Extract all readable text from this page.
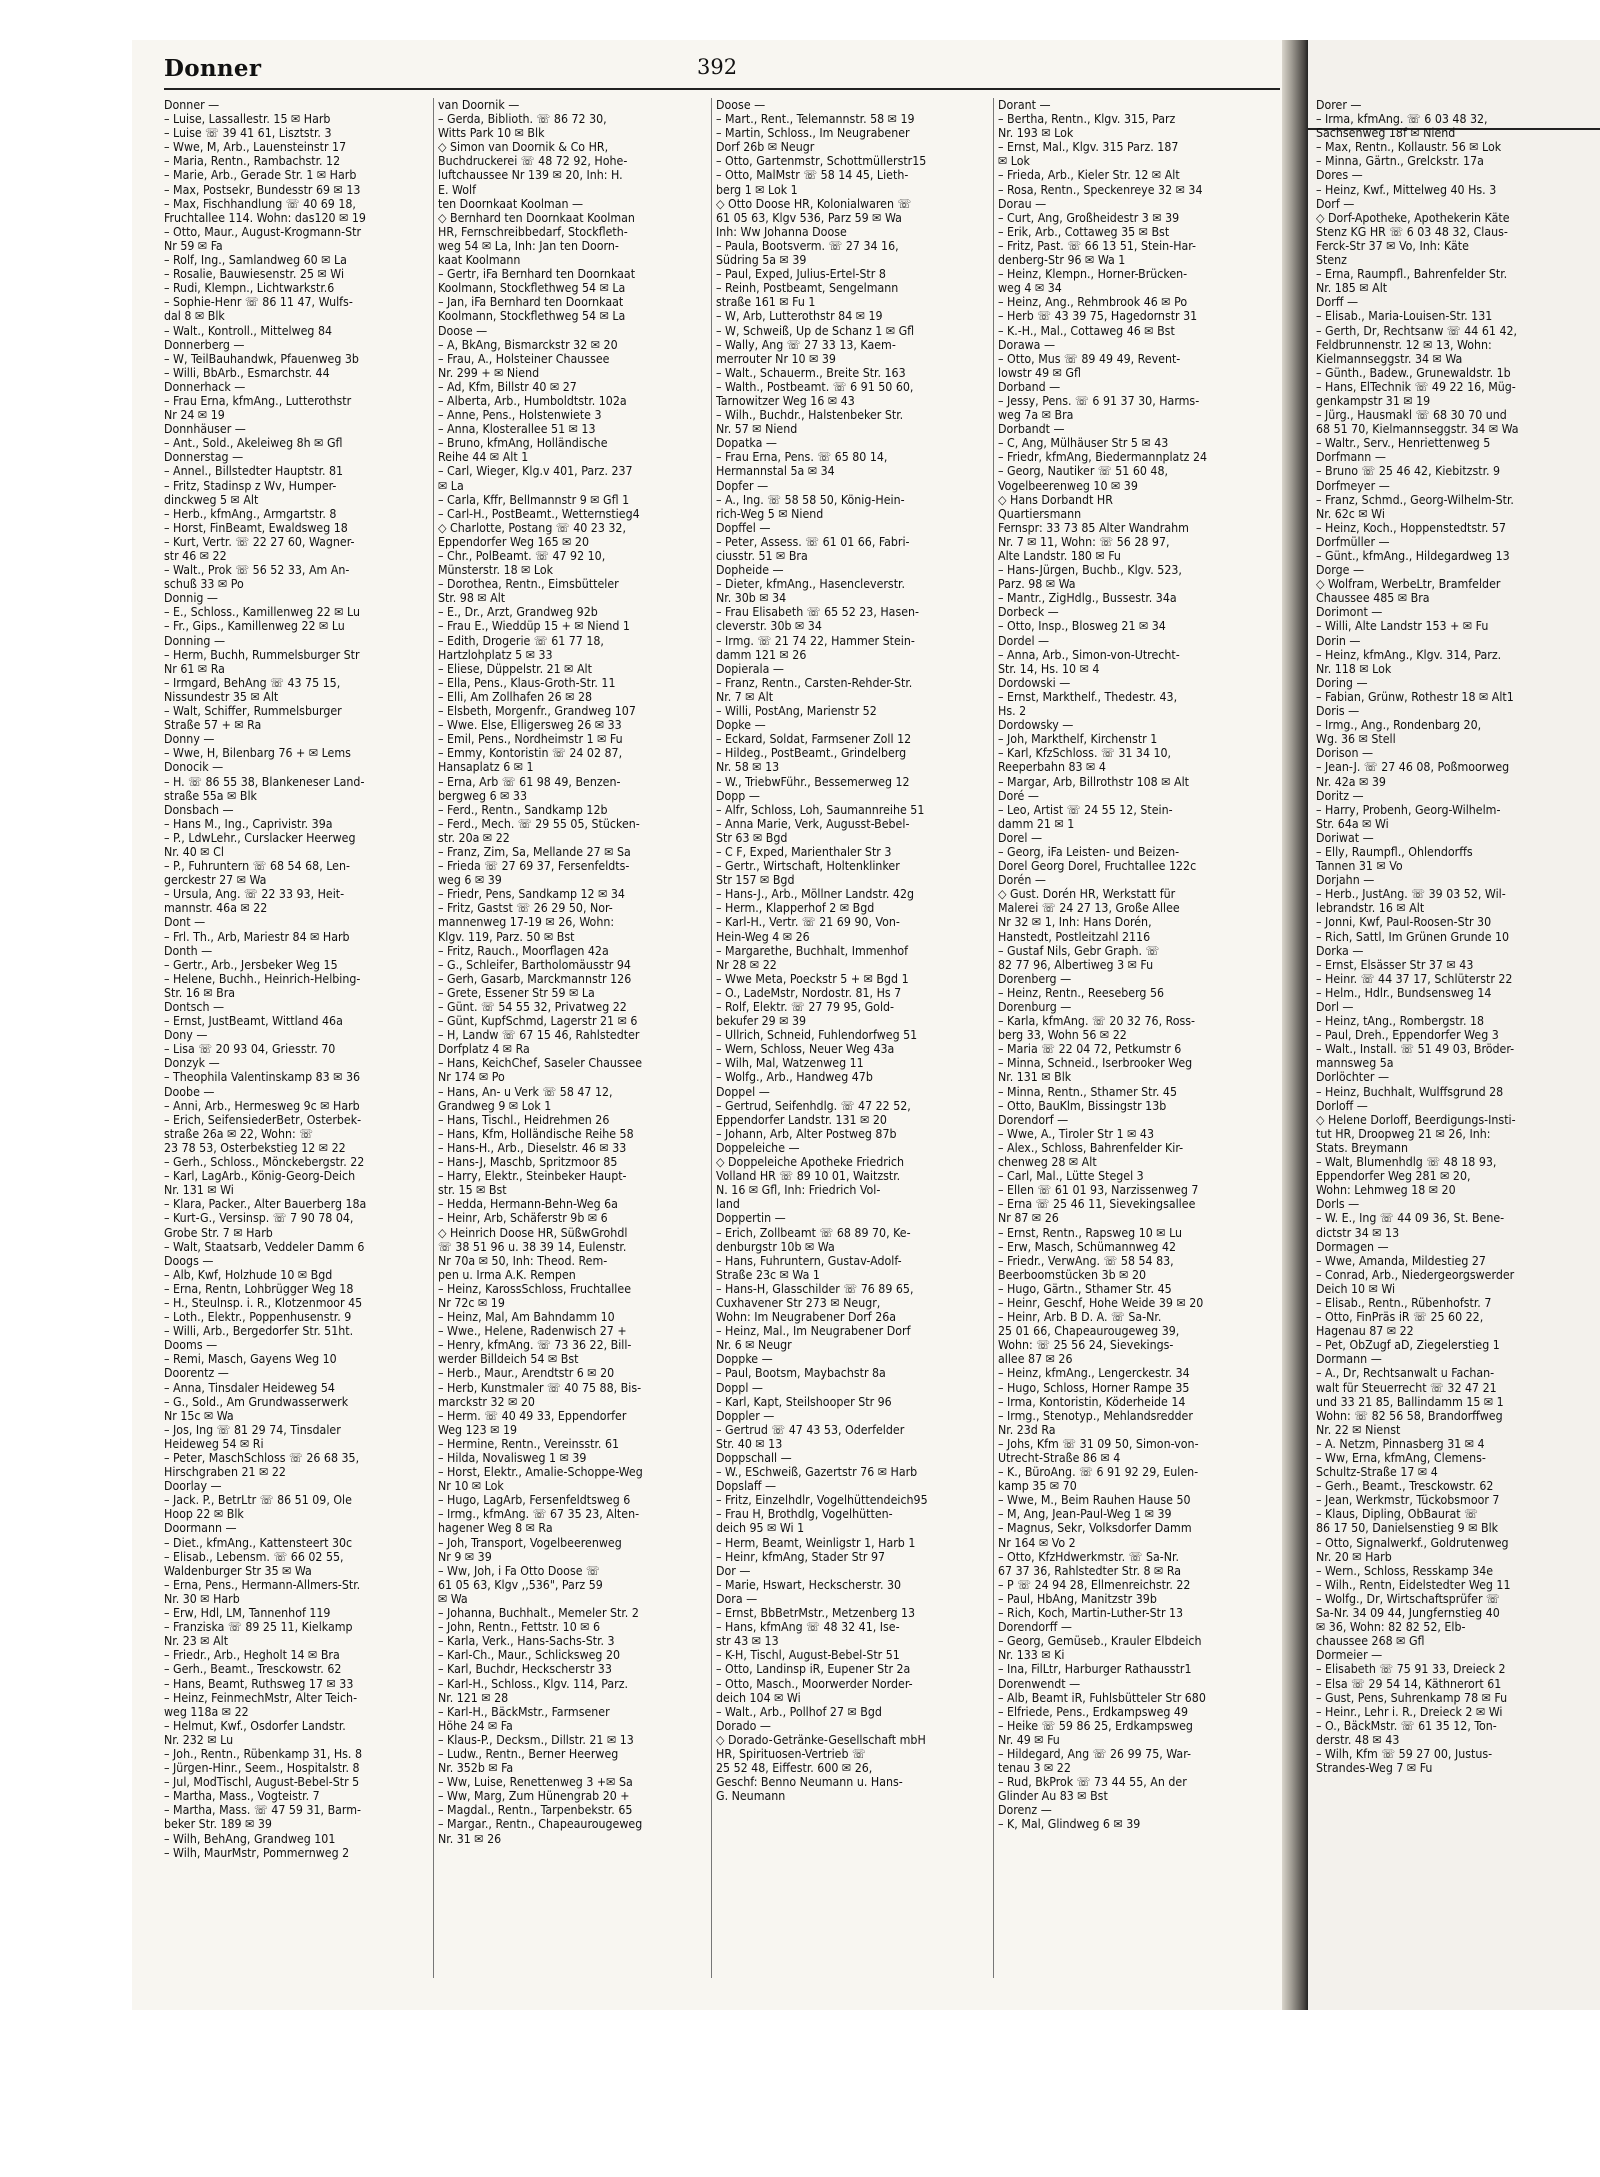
Donner	392
Donner —
– Luise, Lassallestr. 15 ✉ Harb
– Luise ☏ 39 41 61, Lisztstr. 3
– Wwe, M, Arb., Lauensteinstr 17
– Maria, Rentn., Rambachstr. 12
– Marie, Arb., Gerade Str. 1 ✉ Harb
– Max, Postsekr, Bundesstr 69 ✉ 13
– Max, Fischhandlung ☏ 40 69 18,
Fruchtallee 114. Wohn: das120 ✉ 19
– Otto, Maur., August-Krogmann-Str
Nr 59 ✉ Fa
– Rolf, Ing., Samlandweg 60 ✉ La
– Rosalie, Bauwiesenstr. 25 ✉ Wi
– Rudi, Klempn., Lichtwarkstr.6
– Sophie-Henr ☏ 86 11 47, Wulfs-
dal 8 ✉ Blk
– Walt., Kontroll., Mittelweg 84
Donnerberg —
– W, TeilBauhandwk, Pfauenweg 3b
– Willi, BbArb., Esmarchstr. 44
Donnerhack —
– Frau Erna, kfmAng., Lutterothstr
Nr 24 ✉ 19
Donnhäuser —
– Ant., Sold., Akeleiweg 8h ✉ Gfl
Donnerstag —
– Annel., Billstedter Hauptstr. 81
– Fritz, Stadinsp z Wv, Humper-
dinckweg 5 ✉ Alt
– Herb., kfmAng., Armgartstr. 8
– Horst, FinBeamt, Ewaldsweg 18
– Kurt, Vertr. ☏ 22 27 60, Wagner-
str 46 ✉ 22
– Walt., Prok ☏ 56 52 33, Am An-
schuß 33 ✉ Po
Donnig —
– E., Schloss., Kamillenweg 22 ✉ Lu
– Fr., Gips., Kamillenweg 22 ✉ Lu
Donning —
– Herm, Buchh, Rummelsburger Str
Nr 61 ✉ Ra
– Irmgard, BehAng ☏ 43 75 15,
Nissundestr 35 ✉ Alt
– Walt, Schiffer, Rummelsburger
Straße 57 + ✉ Ra
Donny —
– Wwe, H, Bilenbarg 76 + ✉ Lems
Donocik —
– H. ☏ 86 55 38, Blankeneser Land-
straße 55a ✉ Blk
Donsbach —
– Hans M., Ing., Caprivistr. 39a
– P., LdwLehr., Curslacker Heerweg
Nr. 40 ✉ Cl
– P., Fuhruntern ☏ 68 54 68, Len-
gerckestr 27 ✉ Wa
– Ursula, Ang. ☏ 22 33 93, Heit-
mannstr. 46a ✉ 22
Dont —
– Frl. Th., Arb, Mariestr 84 ✉ Harb
Donth —
– Gertr., Arb., Jersbeker Weg 15
– Helene, Buchh., Heinrich-Helbing-
Str. 16 ✉ Bra
Dontsch —
– Ernst, JustBeamt, Wittland 46a
Dony —
– Lisa ☏ 20 93 04, Griesstr. 70
Donzyk —
– Theophila Valentinskamp 83 ✉ 36
Doobe —
– Anni, Arb., Hermesweg 9c ✉ Harb
– Erich, SeifensiederBetr, Osterbek-
straße 26a ✉ 22, Wohn: ☏
23 78 53, Osterbekstieg 12 ✉ 22
– Gerh., Schloss., Mönckebergstr. 22
– Karl, LagArb., König-Georg-Deich
Nr. 131 ✉ Wi
– Klara, Packer., Alter Bauerberg 18a
– Kurt-G., Versinsp. ☏ 7 90 78 04,
Grobe Str. 7 ✉ Harb
– Walt, Staatsarb, Veddeler Damm 6
Doogs —
– Alb, Kwf, Holzhude 10 ✉ Bgd
– Erna, Rentn, Lohbrügger Weg 18
– H., Steulnsp. i. R., Klotzenmoor 45
– Loth., Elektr., Poppenhusenstr. 9
– Willi, Arb., Bergedorfer Str. 51ht.
Dooms —
– Remi, Masch, Gayens Weg 10
Doorentz —
– Anna, Tinsdaler Heideweg 54
– G., Sold., Am Grundwasserwerk
Nr 15c ✉ Wa
– Jos, Ing ☏ 81 29 74, Tinsdaler
Heideweg 54 ✉ Ri
– Peter, MaschSchloss ☏ 26 68 35,
Hirschgraben 21 ✉ 22
Doorlay —
– Jack. P., BetrLtr ☏ 86 51 09, Ole
Hoop 22 ✉ Blk
Doormann —
– Diet., kfmAng., Kattensteert 30c
– Elisab., Lebensm. ☏ 66 02 55,
Waldenburger Str 35 ✉ Wa
– Erna, Pens., Hermann-Allmers-Str.
Nr. 30 ✉ Harb
– Erw, Hdl, LM, Tannenhof 119
– Franziska ☏ 89 25 11, Kielkamp
Nr. 23 ✉ Alt
– Friedr., Arb., Hegholt 14 ✉ Bra
– Gerh., Beamt., Tresckowstr. 62
– Hans, Beamt, Ruthsweg 17 ✉ 33
– Heinz, FeinmechMstr, Alter Teich-
weg 118a ✉ 22
– Helmut, Kwf., Osdorfer Landstr.
Nr. 232 ✉ Lu
– Joh., Rentn., Rübenkamp 31, Hs. 8
– Jürgen-Hinr., Seem., Hospitalstr. 8
– Jul, ModTischl, August-Bebel-Str 5
– Martha, Mass., Vogteistr. 7
– Martha, Mass. ☏ 47 59 31, Barm-
beker Str. 189 ✉ 39
– Wilh, BehAng, Grandweg 101
– Wilh, MaurMstr, Pommernweg 2
van Doornik —
– Gerda, Biblioth. ☏ 86 72 30,
Witts Park 10 ✉ Blk
◇ Simon van Doornik & Co HR,
Buchdruckerei ☏ 48 72 92, Hohe-
luftchaussee Nr 139 ✉ 20, Inh: H.
E. Wolf
ten Doornkaat Koolman —
◇ Bernhard ten Doornkaat Koolman
HR, Fernschreibbedarf, Stockfleth-
weg 54 ✉ La, Inh: Jan ten Doorn-
kaat Koolmann
– Gertr, iFa Bernhard ten Doornkaat
Koolmann, Stockflethweg 54 ✉ La
– Jan, iFa Bernhard ten Doornkaat
Koolmann, Stockflethweg 54 ✉ La
Doose —
– A, BkAng, Bismarckstr 32 ✉ 20
– Frau, A., Holsteiner Chaussee
Nr. 299 + ✉ Niend
– Ad, Kfm, Billstr 40 ✉ 27
– Alberta, Arb., Humboldtstr. 102a
– Anne, Pens., Holstenwiete 3
– Anna, Klosterallee 51 ✉ 13
– Bruno, kfmAng, Holländische
Reihe 44 ✉ Alt 1
– Carl, Wieger, Klg.v 401, Parz. 237
✉ La
– Carla, Kffr, Bellmannstr 9 ✉ Gfl 1
– Carl-H., PostBeamt., Wetternstieg4
◇ Charlotte, Postang ☏ 40 23 32,
Eppendorfer Weg 165 ✉ 20
– Chr., PolBeamt. ☏ 47 92 10,
Münsterstr. 18 ✉ Lok
– Dorothea, Rentn., Eimsbütteler
Str. 98 ✉ Alt
– E., Dr., Arzt, Grandweg 92b
– Frau E., Wieddüp 15 + ✉ Niend 1
– Edith, Drogerie ☏ 61 77 18,
Hartzlohplatz 5 ✉ 33
– Eliese, Düppelstr. 21 ✉ Alt
– Ella, Pens., Klaus-Groth-Str. 11
– Elli, Am Zollhafen 26 ✉ 28
– Elsbeth, Morgenfr., Grandweg 107
– Wwe. Else, Elligersweg 26 ✉ 33
– Emil, Pens., Nordheimstr 1 ✉ Fu
– Emmy, Kontoristin ☏ 24 02 87,
Hansaplatz 6 ✉ 1
– Erna, Arb ☏ 61 98 49, Benzen-
bergweg 6 ✉ 33
– Ferd., Rentn., Sandkamp 12b
– Ferd., Mech. ☏ 29 55 05, Stücken-
str. 20a ✉ 22
– Franz, Zim, Sa, Mellande 27 ✉ Sa
– Frieda ☏ 27 69 37, Fersenfeldts-
weg 6 ✉ 39
– Friedr, Pens, Sandkamp 12 ✉ 34
– Fritz, Gastst ☏ 26 29 50, Nor-
mannenweg 17-19 ✉ 26, Wohn:
Klgv. 119, Parz. 50 ✉ Bst
– Fritz, Rauch., Moorflagen 42a
– G., Schleifer, Bartholomäusstr 94
– Gerh, Gasarb, Marckmannstr 126
– Grete, Essener Str 59 ✉ La
– Günt. ☏ 54 55 32, Privatweg 22
– Günt, KupfSchmd, Lagerstr 21 ✉ 6
– H, Landw ☏ 67 15 46, Rahlstedter
Dorfplatz 4 ✉ Ra
– Hans, KeichChef, Saseler Chaussee
Nr 174 ✉ Po
– Hans, An- u Verk ☏ 58 47 12,
Grandweg 9 ✉ Lok 1
– Hans, Tischl., Heidrehmen 26
– Hans, Kfm, Holländische Reihe 58
– Hans-H., Arb., Dieselstr. 46 ✉ 33
– Hans-J, Maschb, Spritzmoor 85
– Harry, Elektr., Steinbeker Haupt-
str. 15 ✉ Bst
– Hedda, Hermann-Behn-Weg 6a
– Heinr, Arb, Schäferstr 9b ✉ 6
◇ Heinrich Doose HR, SüßwGrohdl
☏ 38 51 96 u. 38 39 14, Eulenstr.
Nr 70a ✉ 50, Inh: Theod. Rem-
pen u. Irma A.K. Rempen
– Heinz, KarossSchloss, Fruchtallee
Nr 72c ✉ 19
– Heinz, Mal, Am Bahndamm 10
– Wwe., Helene, Radenwisch 27 +
– Henry, kfmAng. ☏ 73 36 22, Bill-
werder Billdeich 54 ✉ Bst
– Herb., Maur., Arendtstr 6 ✉ 20
– Herb, Kunstmaler ☏ 40 75 88, Bis-
marckstr 32 ✉ 20
– Herm. ☏ 40 49 33, Eppendorfer
Weg 123 ✉ 19
– Hermine, Rentn., Vereinsstr. 61
– Hilda, Novalisweg 1 ✉ 39
– Horst, Elektr., Amalie-Schoppe-Weg
Nr 10 ✉ Lok
– Hugo, LagArb, Fersenfeldtsweg 6
– Irmg., kfmAng. ☏ 67 35 23, Alten-
hagener Weg 8 ✉ Ra
– Joh, Transport, Vogelbeerenweg
Nr 9 ✉ 39
– Ww, Joh, i Fa Otto Doose ☏
61 05 63, Klgv ,,536", Parz 59
✉ Wa
– Johanna, Buchhalt., Memeler Str. 2
– John, Rentn., Fettstr. 10 ✉ 6
– Karla, Verk., Hans-Sachs-Str. 3
– Karl-Ch., Maur., Schlicksweg 20
– Karl, Buchdr, Heckscherstr 33
– Karl-H., Schloss., Klgv. 114, Parz.
Nr. 121 ✉ 28
– Karl-H., BäckMstr., Farmsener
Höhe 24 ✉ Fa
– Klaus-P., Decksm., Dillstr. 21 ✉ 13
– Ludw., Rentn., Berner Heerweg
Nr. 352b ✉ Fa
– Ww, Luise, Renettenweg 3 +✉ Sa
– Ww, Marg, Zum Hünengrab 20 +
– Magdal., Rentn., Tarpenbekstr. 65
– Margar., Rentn., Chapeaurougeweg
Nr. 31 ✉ 26
Doose —
– Mart., Rent., Telemannstr. 58 ✉ 19
– Martin, Schloss., Im Neugrabener
Dorf 26b ✉ Neugr
– Otto, Gartenmstr, Schottmüllerstr15
– Otto, MalMstr ☏ 58 14 45, Lieth-
berg 1 ✉ Lok 1
◇ Otto Doose HR, Kolonialwaren ☏
61 05 63, Klgv 536, Parz 59 ✉ Wa
Inh: Ww Johanna Doose
– Paula, Bootsverm. ☏ 27 34 16,
Südring 5a ✉ 39
– Paul, Exped, Julius-Ertel-Str 8
– Reinh, Postbeamt, Sengelmann
straße 161 ✉ Fu 1
– W, Arb, Lutterothstr 84 ✉ 19
– W, Schweiß, Up de Schanz 1 ✉ Gfl
– Wally, Ang ☏ 27 33 13, Kaem-
merrouter Nr 10 ✉ 39
– Walt., Schauerm., Breite Str. 163
– Walth., Postbeamt. ☏ 6 91 50 60,
Tarnowitzer Weg 16 ✉ 43
– Wilh., Buchdr., Halstenbeker Str.
Nr. 57 ✉ Niend
Dopatka —
– Frau Erna, Pens. ☏ 65 80 14,
Hermannstal 5a ✉ 34
Dopfer —
– A., Ing. ☏ 58 58 50, König-Hein-
rich-Weg 5 ✉ Niend
Dopffel —
– Peter, Assess. ☏ 61 01 66, Fabri-
ciusstr. 51 ✉ Bra
Dopheide —
– Dieter, kfmAng., Hasencleverstr.
Nr. 30b ✉ 34
– Frau Elisabeth ☏ 65 52 23, Hasen-
cleverstr. 30b ✉ 34
– Irmg. ☏ 21 74 22, Hammer Stein-
damm 121 ✉ 26
Dopierala —
– Franz, Rentn., Carsten-Rehder-Str.
Nr. 7 ✉ Alt
– Willi, PostAng, Marienstr 52
Dopke —
– Eckard, Soldat, Farmsener Zoll 12
– Hildeg., PostBeamt., Grindelberg
Nr. 58 ✉ 13
– W., TriebwFühr., Bessemerweg 12
Dopp —
– Alfr, Schloss, Loh, Saumannreihe 51
– Anna Marie, Verk, Augusst-Bebel-
Str 63 ✉ Bgd
– C F, Exped, Marienthaler Str 3
– Gertr., Wirtschaft, Holtenklinker
Str 157 ✉ Bgd
– Hans-J., Arb., Möllner Landstr. 42g
– Herm., Klapperhof 2 ✉ Bgd
– Karl-H., Vertr. ☏ 21 69 90, Von-
Hein-Weg 4 ✉ 26
– Margarethe, Buchhalt, Immenhof
Nr 28 ✉ 22
– Wwe Meta, Poeckstr 5 + ✉ Bgd 1
– O., LadeMstr, Nordostr. 81, Hs 7
– Rolf, Elektr. ☏ 27 79 95, Gold-
bekufer 29 ✉ 39
– Ullrich, Schneid, Fuhlendorfweg 51
– Wern, Schloss, Neuer Weg 43a
– Wilh, Mal, Watzenweg 11
– Wolfg., Arb., Handweg 47b
Doppel —
– Gertrud, Seifenhdlg. ☏ 47 22 52,
Eppendorfer Landstr. 131 ✉ 20
– Johann, Arb, Alter Postweg 87b
Doppeleiche —
◇ Doppeleiche Apotheke Friedrich
Volland HR ☏ 89 10 01, Waitzstr.
N. 16 ✉ Gfl, Inh: Friedrich Vol-
land
Doppertin —
– Erich, Zollbeamt ☏ 68 89 70, Ke-
denburgstr 10b ✉ Wa
– Hans, Fuhruntern, Gustav-Adolf-
Straße 23c ✉ Wa 1
– Hans-H, Glasschilder ☏ 76 89 65,
Cuxhavener Str 273 ✉ Neugr,
Wohn: Im Neugrabener Dorf 26a
– Heinz, Mal., Im Neugrabener Dorf
Nr. 6 ✉ Neugr
Doppke —
– Paul, Bootsm, Maybachstr 8a
Doppl —
– Karl, Kapt, Steilshooper Str 96
Doppler —
– Gertrud ☏ 47 43 53, Oderfelder
Str. 40 ✉ 13
Doppschall —
– W., ESchweiß, Gazertstr 76 ✉ Harb
Dopslaff —
– Fritz, Einzelhdlr, Vogelhüttendeich95
– Frau H, Brothdlg, Vogelhütten-
deich 95 ✉ Wi 1
– Herm, Beamt, Weinligstr 1, Harb 1
– Heinr, kfmAng, Stader Str 97
Dor —
– Marie, Hswart, Heckscherstr. 30
Dora —
– Ernst, BbBetrMstr., Metzenberg 13
– Hans, kfmAng ☏ 48 32 41, Ise-
str 43 ✉ 13
– K-H, Tischl, August-Bebel-Str 51
– Otto, Landinsp iR, Eupener Str 2a
– Otto, Masch., Moorwerder Norder-
deich 104 ✉ Wi
– Walt., Arb., Pollhof 27 ✉ Bgd
Dorado —
◇ Dorado-Getränke-Gesellschaft mbH
HR, Spirituosen-Vertrieb ☏
25 52 48, Eiffestr. 600 ✉ 26,
Geschf: Benno Neumann u. Hans-
G. Neumann
Dorant —
– Bertha, Rentn., Klgv. 315, Parz
Nr. 193 ✉ Lok
– Ernst, Mal., Klgv. 315 Parz. 187
✉ Lok
– Frieda, Arb., Kieler Str. 12 ✉ Alt
– Rosa, Rentn., Speckenreye 32 ✉ 34
Dorau —
– Curt, Ang, Großheidestr 3 ✉ 39
– Erik, Arb., Cottaweg 35 ✉ Bst
– Fritz, Past. ☏ 66 13 51, Stein-Har-
denberg-Str 96 ✉ Wa 1
– Heinz, Klempn., Horner-Brücken-
weg 4 ✉ 34
– Heinz, Ang., Rehmbrook 46 ✉ Po
– Herb ☏ 43 39 75, Hagedornstr 31
– K.-H., Mal., Cottaweg 46 ✉ Bst
Dorawa —
– Otto, Mus ☏ 89 49 49, Revent-
lowstr 49 ✉ Gfl
Dorband —
– Jessy, Pens. ☏ 6 91 37 30, Harms-
weg 7a ✉ Bra
Dorbandt —
– C, Ang, Mülhäuser Str 5 ✉ 43
– Friedr, kfmAng, Biedermannplatz 24
– Georg, Nautiker ☏ 51 60 48,
Vogelbeerenweg 10 ✉ 39
◇ Hans Dorbandt HR
Quartiersmann
Fernspr: 33 73 85 Alter Wandrahm
Nr. 7 ✉ 11, Wohn: ☏ 56 28 97,
Alte Landstr. 180 ✉ Fu
– Hans-Jürgen, Buchb., Klgv. 523,
Parz. 98 ✉ Wa
– Mantr., ZigHdlg., Bussestr. 34a
Dorbeck —
– Otto, Insp., Blosweg 21 ✉ 34
Dordel —
– Anna, Arb., Simon-von-Utrecht-
Str. 14, Hs. 10 ✉ 4
Dordowski —
– Ernst, Markthelf., Thedestr. 43,
Hs. 2
Dordowsky —
– Joh, Markthelf, Kirchenstr 1
– Karl, KfzSchloss. ☏ 31 34 10,
Reeperbahn 83 ✉ 4
– Margar, Arb, Billrothstr 108 ✉ Alt
Doré —
– Leo, Artist ☏ 24 55 12, Stein-
damm 21 ✉ 1
Dorel —
– Georg, iFa Leisten- und Beizen-
Dorel Georg Dorel, Fruchtallee 122c
Dorén —
◇ Gust. Dorén HR, Werkstatt für
Malerei ☏ 24 27 13, Große Allee
Nr 32 ✉ 1, Inh: Hans Dorén,
Hanstedt, Postleitzahl 2116
– Gustaf Nils, Gebr Graph. ☏
82 77 96, Albertiweg 3 ✉ Fu
Dorenberg —
– Heinz, Rentn., Reeseberg 56
Dorenburg —
– Karla, kfmAng. ☏ 20 32 76, Ross-
berg 33, Wohn 56 ✉ 22
– Maria ☏ 22 04 72, Petkumstr 6
– Minna, Schneid., Iserbrooker Weg
Nr. 131 ✉ Blk
– Minna, Rentn., Sthamer Str. 45
– Otto, BauKlm, Bissingstr 13b
Dorendorf —
– Wwe, A., Tiroler Str 1 ✉ 43
– Alex., Schloss, Bahrenfelder Kir-
chenweg 28 ✉ Alt
– Carl, Mal., Lütte Stegel 3
– Ellen ☏ 61 01 93, Narzissenweg 7
– Erna ☏ 25 46 11, Sievekingsallee
Nr 87 ✉ 26
– Ernst, Rentn., Rapsweg 10 ✉ Lu
– Erw, Masch, Schümannweg 42
– Friedr., VerwAng. ☏ 58 54 83,
Beerboomstücken 3b ✉ 20
– Hugo, Gärtn., Sthamer Str. 45
– Heinr, Geschf, Hohe Weide 39 ✉ 20
– Heinr, Arb. B D. A. ☏ Sa-Nr.
25 01 66, Chapeaurougeweg 39,
Wohn: ☏ 25 56 24, Sievekings-
allee 87 ✉ 26
– Heinz, kfmAng., Lengerckestr. 34
– Hugo, Schloss, Horner Rampe 35
– Irma, Kontoristin, Köderheide 14
– Irmg., Stenotyp., Mehlandsredder
Nr. 23d Ra
– Johs, Kfm ☏ 31 09 50, Simon-von-
Utrecht-Straße 86 ✉ 4
– K., BüroAng. ☏ 6 91 92 29, Eulen-
kamp 35 ✉ 70
– Wwe, M., Beim Rauhen Hause 50
– M, Ang, Jean-Paul-Weg 1 ✉ 39
– Magnus, Sekr, Volksdorfer Damm
Nr 164 ✉ Vo 2
– Otto, KfzHdwerkmstr. ☏ Sa-Nr.
67 37 36, Rahlstedter Str. 8 ✉ Ra
– P ☏ 24 94 28, Ellmenreichstr. 22
– Paul, HbAng, Manitzstr 39b
– Rich, Koch, Martin-Luther-Str 13
Dorendorff —
– Georg, Gemüseb., Krauler Elbdeich
Nr. 133 ✉ Ki
– Ina, FilLtr, Harburger Rathausstr1
Dorenwendt —
– Alb, Beamt iR, Fuhlsbütteler Str 680
– Elfriede, Pens., Erdkampsweg 49
– Heike ☏ 59 86 25, Erdkampsweg
Nr. 49 ✉ Fu
– Hildegard, Ang ☏ 26 99 75, War-
tenau 3 ✉ 22
– Rud, BkProk ☏ 73 44 55, An der
Glinder Au 83 ✉ Bst
Dorenz —
– K, Mal, Glindweg 6 ✉ 39
Dorer —
– Irma, kfmAng. ☏ 6 03 48 32,
Sachsenweg 18f ✉ Niend
– Max, Rentn., Kollaustr. 56 ✉ Lok
– Minna, Gärtn., Grelckstr. 17a
Dores —
– Heinz, Kwf., Mittelweg 40 Hs. 3
Dorf —
◇ Dorf-Apotheke, Apothekerin Käte
Stenz KG HR ☏ 6 03 48 32, Claus-
Ferck-Str 37 ✉ Vo, Inh: Käte
Stenz
– Erna, Raumpfl., Bahrenfelder Str.
Nr. 185 ✉ Alt
Dorff —
– Elisab., Maria-Louisen-Str. 131
– Gerth, Dr, Rechtsanw ☏ 44 61 42,
Feldbrunnenstr. 12 ✉ 13, Wohn:
Kielmannseggstr. 34 ✉ Wa
– Günth., Badew., Grunewaldstr. 1b
– Hans, ElTechnik ☏ 49 22 16, Müg-
genkampstr 31 ✉ 19
– Jürg., Hausmakl ☏ 68 30 70 und
68 51 70, Kielmannseggstr. 34 ✉ Wa
– Waltr., Serv., Henriettenweg 5
Dorfmann —
– Bruno ☏ 25 46 42, Kiebitzstr. 9
Dorfmeyer —
– Franz, Schmd., Georg-Wilhelm-Str.
Nr. 62c ✉ Wi
– Heinz, Koch., Hoppenstedtstr. 57
Dorfmüller —
– Günt., kfmAng., Hildegardweg 13
Dorge —
◇ Wolfram, WerbeLtr, Bramfelder
Chaussee 485 ✉ Bra
Dorimont —
– Willi, Alte Landstr 153 + ✉ Fu
Dorin —
– Heinz, kfmAng., Klgv. 314, Parz.
Nr. 118 ✉ Lok
Doring —
– Fabian, Grünw, Rothestr 18 ✉ Alt1
Doris —
– Irmg., Ang., Rondenbarg 20,
Wg. 36 ✉ Stell
Dorison —
– Jean-J. ☏ 27 46 08, Poßmoorweg
Nr. 42a ✉ 39
Doritz —
– Harry, Probenh, Georg-Wilhelm-
Str. 64a ✉ Wi
Doriwat —
– Elly, Raumpfl., Ohlendorffs
Tannen 31 ✉ Vo
Dorjahn —
– Herb., JustAng. ☏ 39 03 52, Wil-
lebrandstr. 16 ✉ Alt
– Jonni, Kwf, Paul-Roosen-Str 30
– Rich, Sattl, Im Grünen Grunde 10
Dorka —
– Ernst, Elsässer Str 37 ✉ 43
– Heinr. ☏ 44 37 17, Schlüterstr 22
– Helm., Hdlr., Bundsensweg 14
Dorl —
– Heinz, tAng., Rombergstr. 18
– Paul, Dreh., Eppendorfer Weg 3
– Walt., Install. ☏ 51 49 03, Bröder-
mannsweg 5a
Dorlöchter —
– Heinz, Buchhalt, Wulffsgrund 28
Dorloff —
◇ Helene Dorloff, Beerdigungs-Insti-
tut HR, Droopweg 21 ✉ 26, Inh:
Stats. Breymann
– Walt, Blumenhdlg ☏ 48 18 93,
Eppendorfer Weg 281 ✉ 20,
Wohn: Lehmweg 18 ✉ 20
Dorls —
– W. E., Ing ☏ 44 09 36, St. Bene-
dictstr 34 ✉ 13
Dormagen —
– Wwe, Amanda, Mildestieg 27
– Conrad, Arb., Niedergeorgswerder
Deich 10 ✉ Wi
– Elisab., Rentn., Rübenhofstr. 7
– Otto, FinPräs iR ☏ 25 60 22,
Hagenau 87 ✉ 22
– Pet, ObZugf aD, Ziegelerstieg 1
Dormann —
– A., Dr, Rechtsanwalt u Fachan-
walt für Steuerrecht ☏ 32 47 21
und 33 21 85, Ballindamm 15 ✉ 1
Wohn: ☏ 82 56 58, Brandorffweg
Nr. 22 ✉ Nienst
– A. Netzm, Pinnasberg 31 ✉ 4
– Ww, Erna, kfmAng, Clemens-
Schultz-Straße 17 ✉ 4
– Gerh., Beamt., Tresckowstr. 62
– Jean, Werkmstr, Tückobsmoor 7
– Klaus, Dipling, ObBaurat ☏
86 17 50, Danielsenstieg 9 ✉ Blk
– Otto, Signalwerkf., Goldrutenweg
Nr. 20 ✉ Harb
– Wern., Schloss, Resskamp 34e
– Wilh., Rentn, Eidelstedter Weg 11
– Wolfg., Dr, Wirtschaftsprüfer ☏
Sa-Nr. 34 09 44, Jungfernstieg 40
✉ 36, Wohn: 82 82 52, Elb-
chaussee 268 ✉ Gfl
Dormeier —
– Elisabeth ☏ 75 91 33, Dreieck 2
– Elsa ☏ 29 54 14, Käthnerort 61
– Gust, Pens, Suhrenkamp 78 ✉ Fu
– Heinr., Lehr i. R., Dreieck 2 ✉ Wi
– O., BäckMstr. ☏ 61 35 12, Ton-
derstr. 48 ✉ 43
– Wilh, Kfm ☏ 59 27 00, Justus-
Strandes-Weg 7 ✉ Fu
